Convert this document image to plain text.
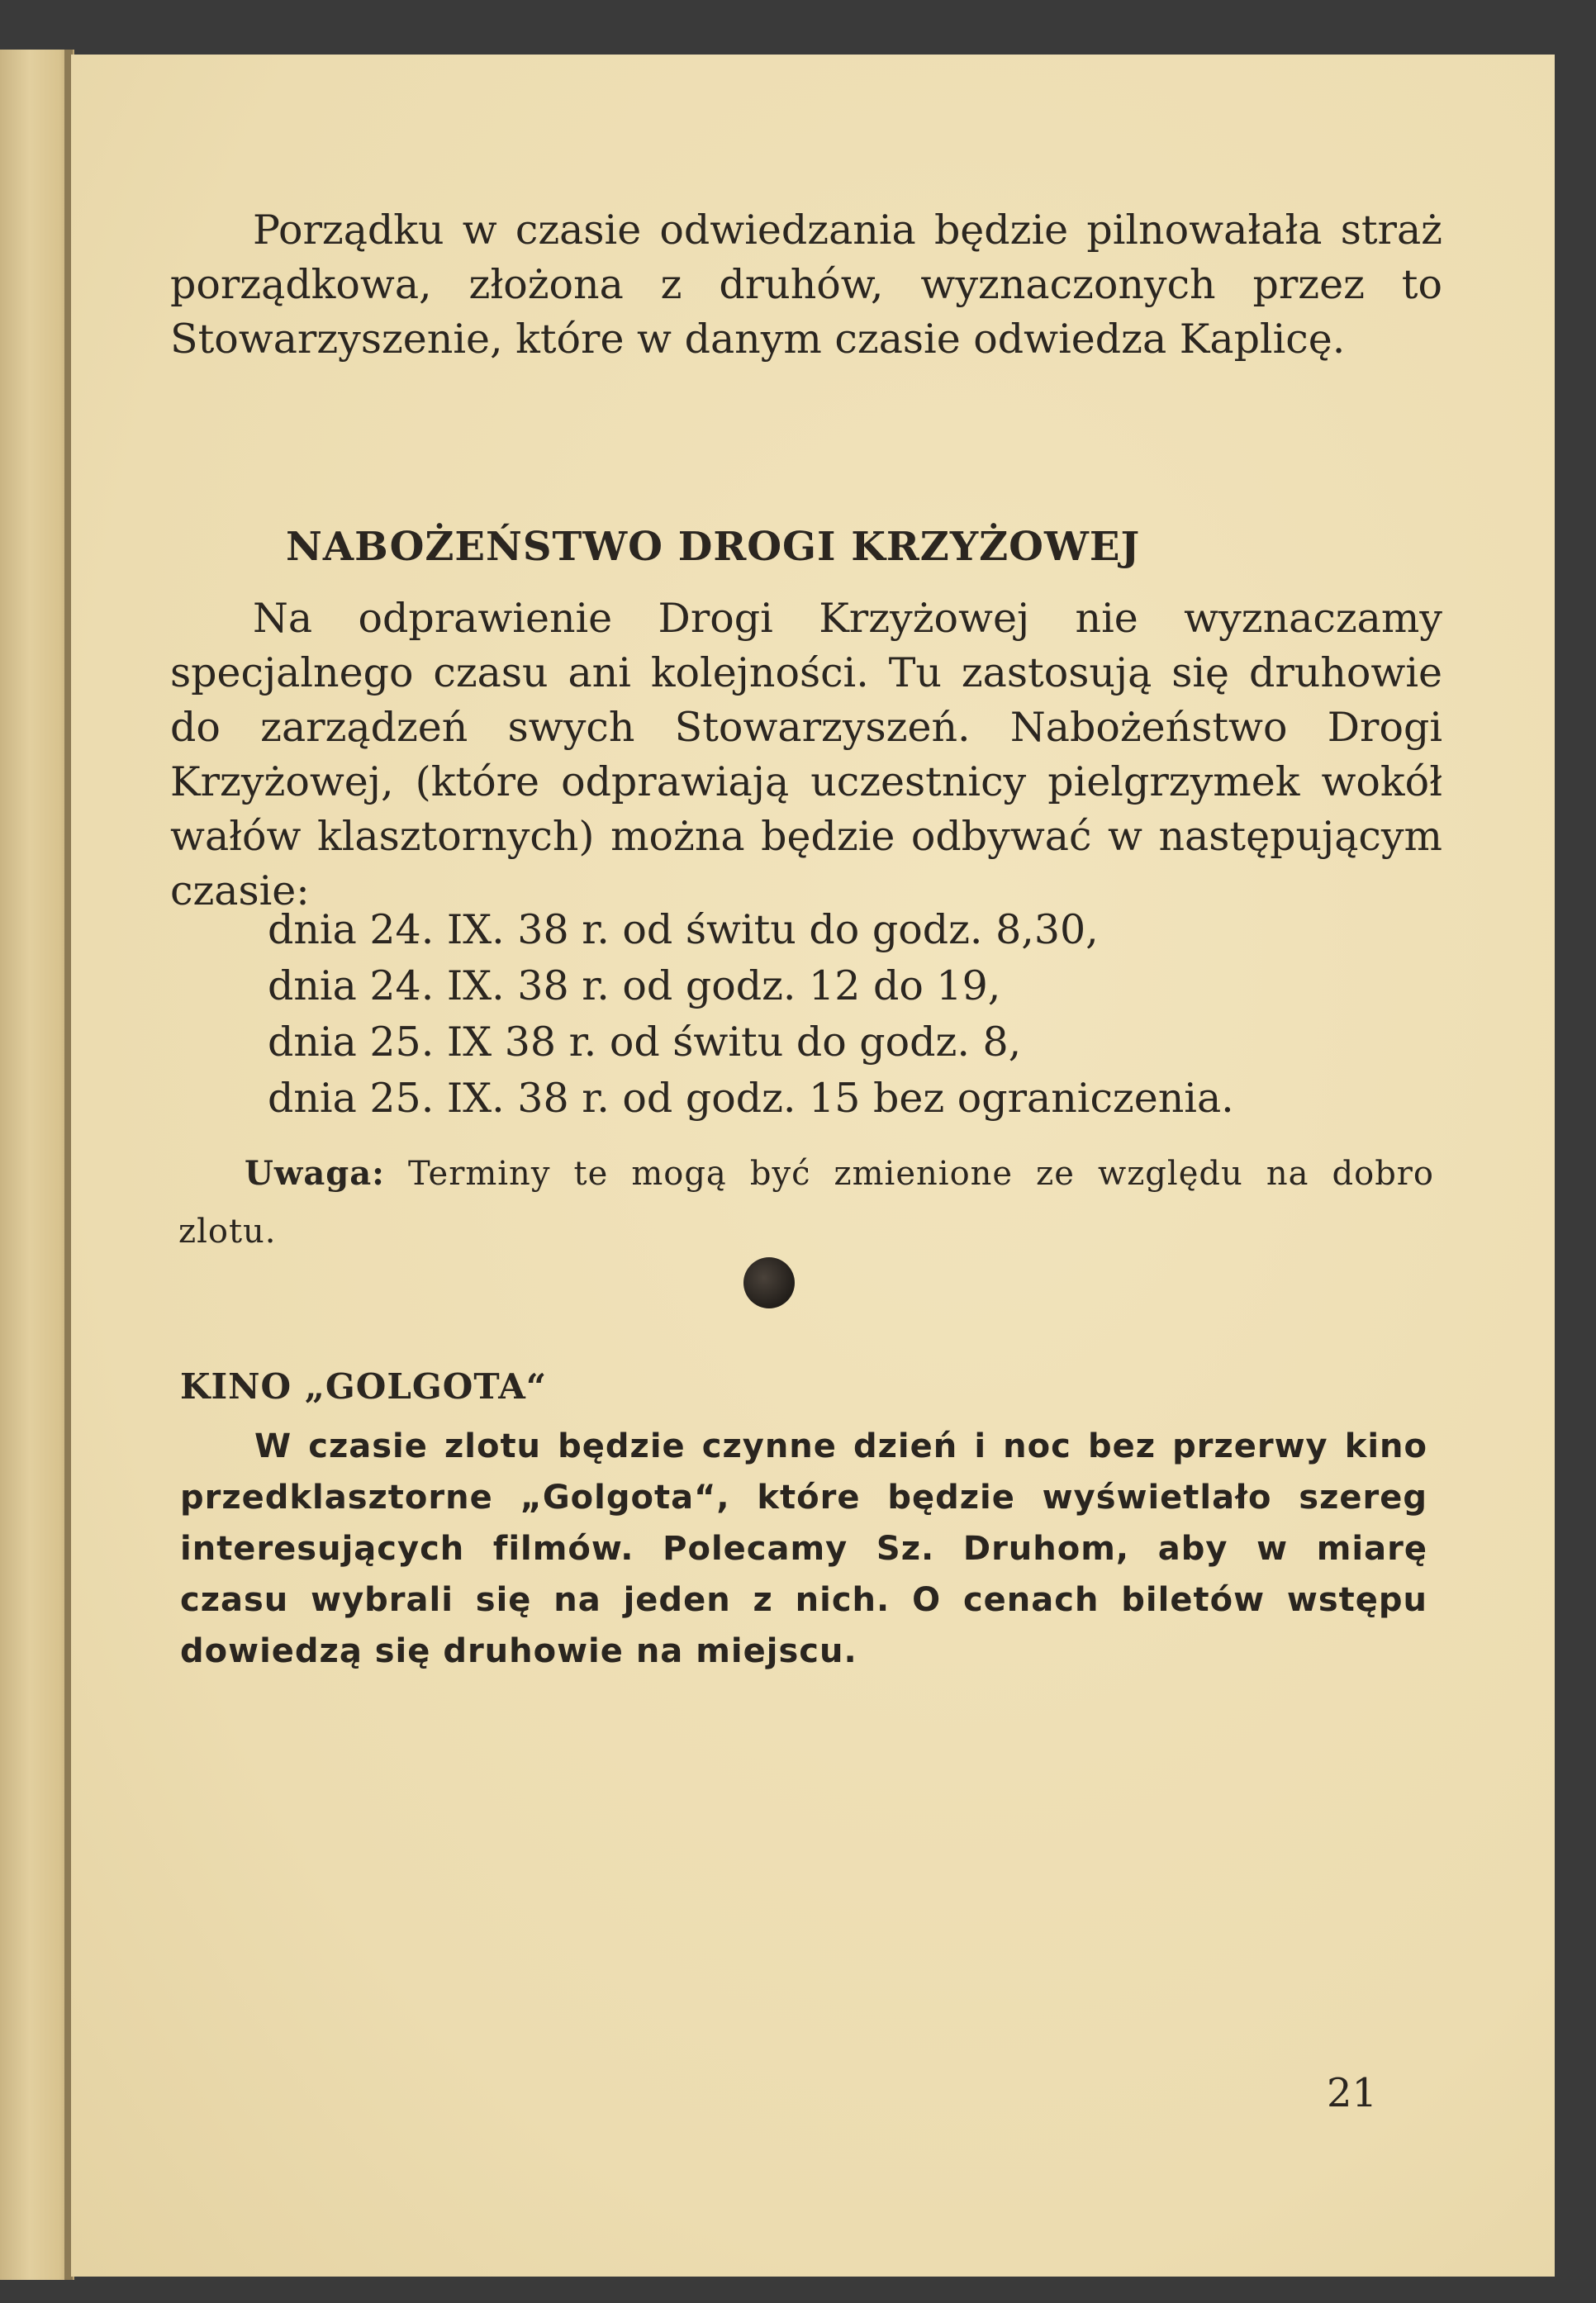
Porządku w czasie odwiedzania będzie pilnowałała straż porządkowa, złożona z druhów, wyznaczonych przez to Stowarzyszenie, które w danym czasie odwiedza Kaplicę.

NABOŻEŃSTWO DROGI KRZYŻOWEJ

Na odprawienie Drogi Krzyżowej nie wyznaczamy specjalnego czasu ani kolejności. Tu zastosują się druhowie do zarządzeń swych Stowarzyszeń. Nabożeństwo Drogi Krzyżowej, (które odprawiają uczestnicy pielgrzymek wokół wałów klasztornych) można będzie odbywać w następującym czasie:

dnia 24. IX. 38 r. od świtu do godz. 8,30,
dnia 24. IX. 38 r. od godz. 12 do 19,
dnia 25. IX 38 r. od świtu do godz. 8,
dnia 25. IX. 38 r. od godz. 15 bez ograniczenia.

Uwaga: Terminy te mogą być zmienione ze względu na dobro zlotu.

KINO „GOLGOTA“

W czasie zlotu będzie czynne dzień i noc bez przerwy kino przedklasztorne „Golgota“, które będzie wyświetlało szereg interesujących filmów. Polecamy Sz. Druhom, aby w miarę czasu wybrali się na jeden z nich. O cenach biletów wstępu dowiedzą się druhowie na miejscu.

21
